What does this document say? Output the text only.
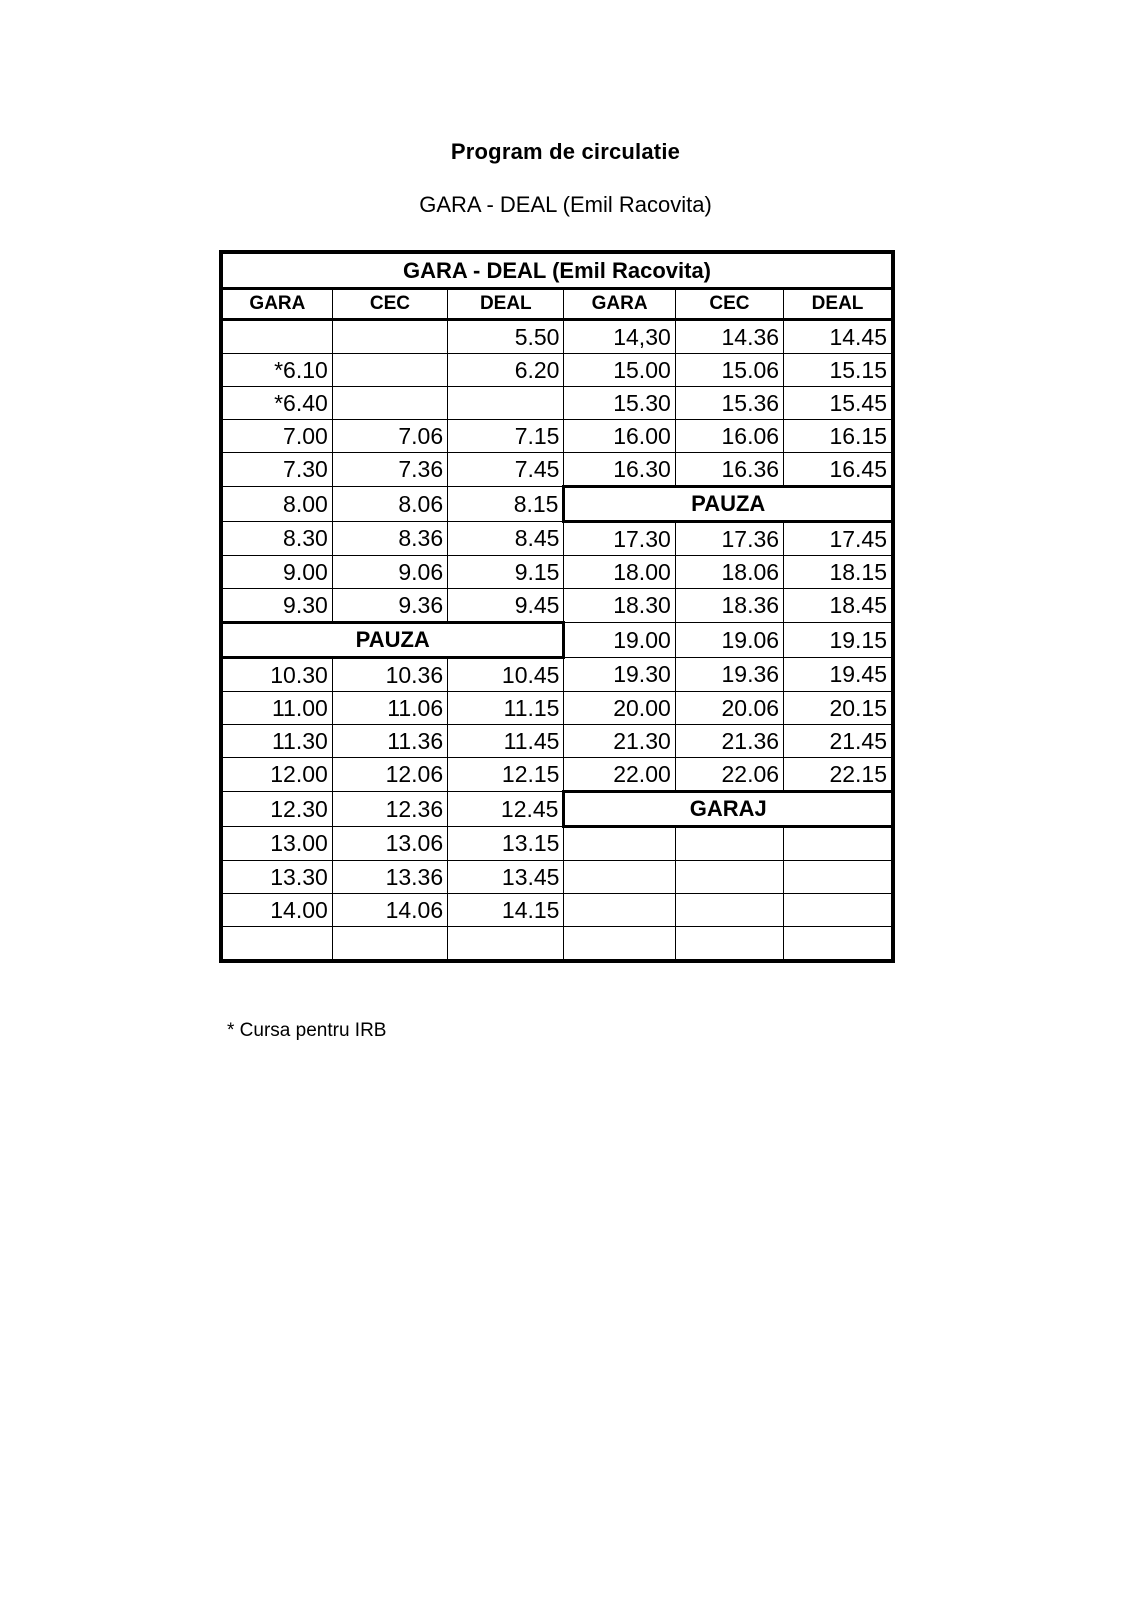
Program de circulatie
GARA - DEAL (Emil Racovita)
GARA - DEAL (Emil Racovita)					
GARA	CEC	DEAL	GARA	CEC	DEAL
		5.50	14,30	14.36	14.45
*6.10		6.20	15.00	15.06	15.15
*6.40			15.30	15.36	15.45
7.00	7.06	7.15	16.00	16.06	16.15
7.30	7.36	7.45	16.30	16.36	16.45
8.00	8.06	8.15	PAUZA		
8.30	8.36	8.45	17.30	17.36	17.45
9.00	9.06	9.15	18.00	18.06	18.15
9.30	9.36	9.45	18.30	18.36	18.45
PAUZA			19.00	19.06	19.15
10.30	10.36	10.45	19.30	19.36	19.45
11.00	11.06	11.15	20.00	20.06	20.15
11.30	11.36	11.45	21.30	21.36	21.45
12.00	12.06	12.15	22.00	22.06	22.15
12.30	12.36	12.45	GARAJ		
13.00	13.06	13.15			
13.30	13.36	13.45			
14.00	14.06	14.15			

* Cursa pentru IRB
